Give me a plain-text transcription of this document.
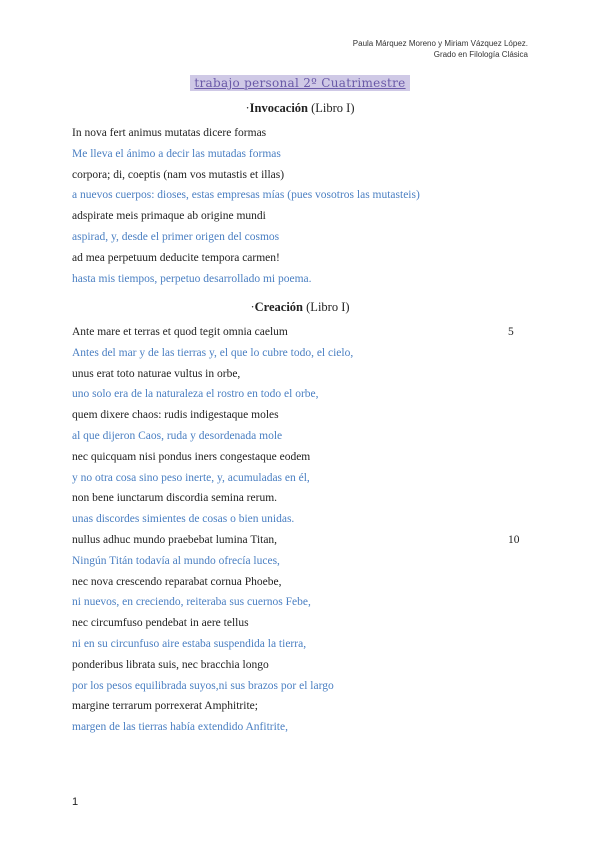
Paula Márquez Moreno y Miriam Vázquez López.
Grado en Filología Clásica
trabajo personal 2º Cuatrimestre
·Invocación (Libro I)
In nova fert animus mutatas dicere formas
Me lleva el ánimo a decir las mutadas formas
corpora; di, coeptis (nam vos mutastis et illas)
a nuevos cuerpos: dioses, estas empresas mías (pues vosotros las mutasteis)
adspirate meis primaque ab origine mundi
aspirad, y, desde el primer origen del cosmos
ad mea perpetuum deducite tempora carmen!
hasta mis tiempos, perpetuo desarrollado mi poema.
·Creación (Libro I)
Ante mare et terras et quod tegit omnia caelum	5
Antes del mar y de las tierras y, el que lo cubre todo, el cielo,
unus erat toto naturae vultus in orbe,
uno solo era de la naturaleza el rostro en todo el orbe,
quem dixere chaos: rudis indigestaque moles
al que dijeron Caos, ruda y desordenada mole
nec quicquam nisi pondus iners congestaque eodem
y no otra cosa sino peso inerte, y, acumuladas en él,
non bene iunctarum discordia semina rerum.
unas discordes simientes de cosas o bien unidas.
nullus adhuc mundo praebebat lumina Titan,	10
Ningún Titán todavía al mundo ofrecía luces,
nec nova crescendo reparabat cornua Phoebe,
ni nuevos, en creciendo, reiteraba sus cuernos Febe,
nec circumfuso pendebat in aere tellus
ni en su circunfuso aire estaba suspendida la tierra,
ponderibus librata suis, nec bracchia longo
por los pesos equilibrada suyos,ni sus brazos por el largo
margine terrarum porrexerat Amphitrite;
margen de las tierras había extendido Anfitrite,
1
